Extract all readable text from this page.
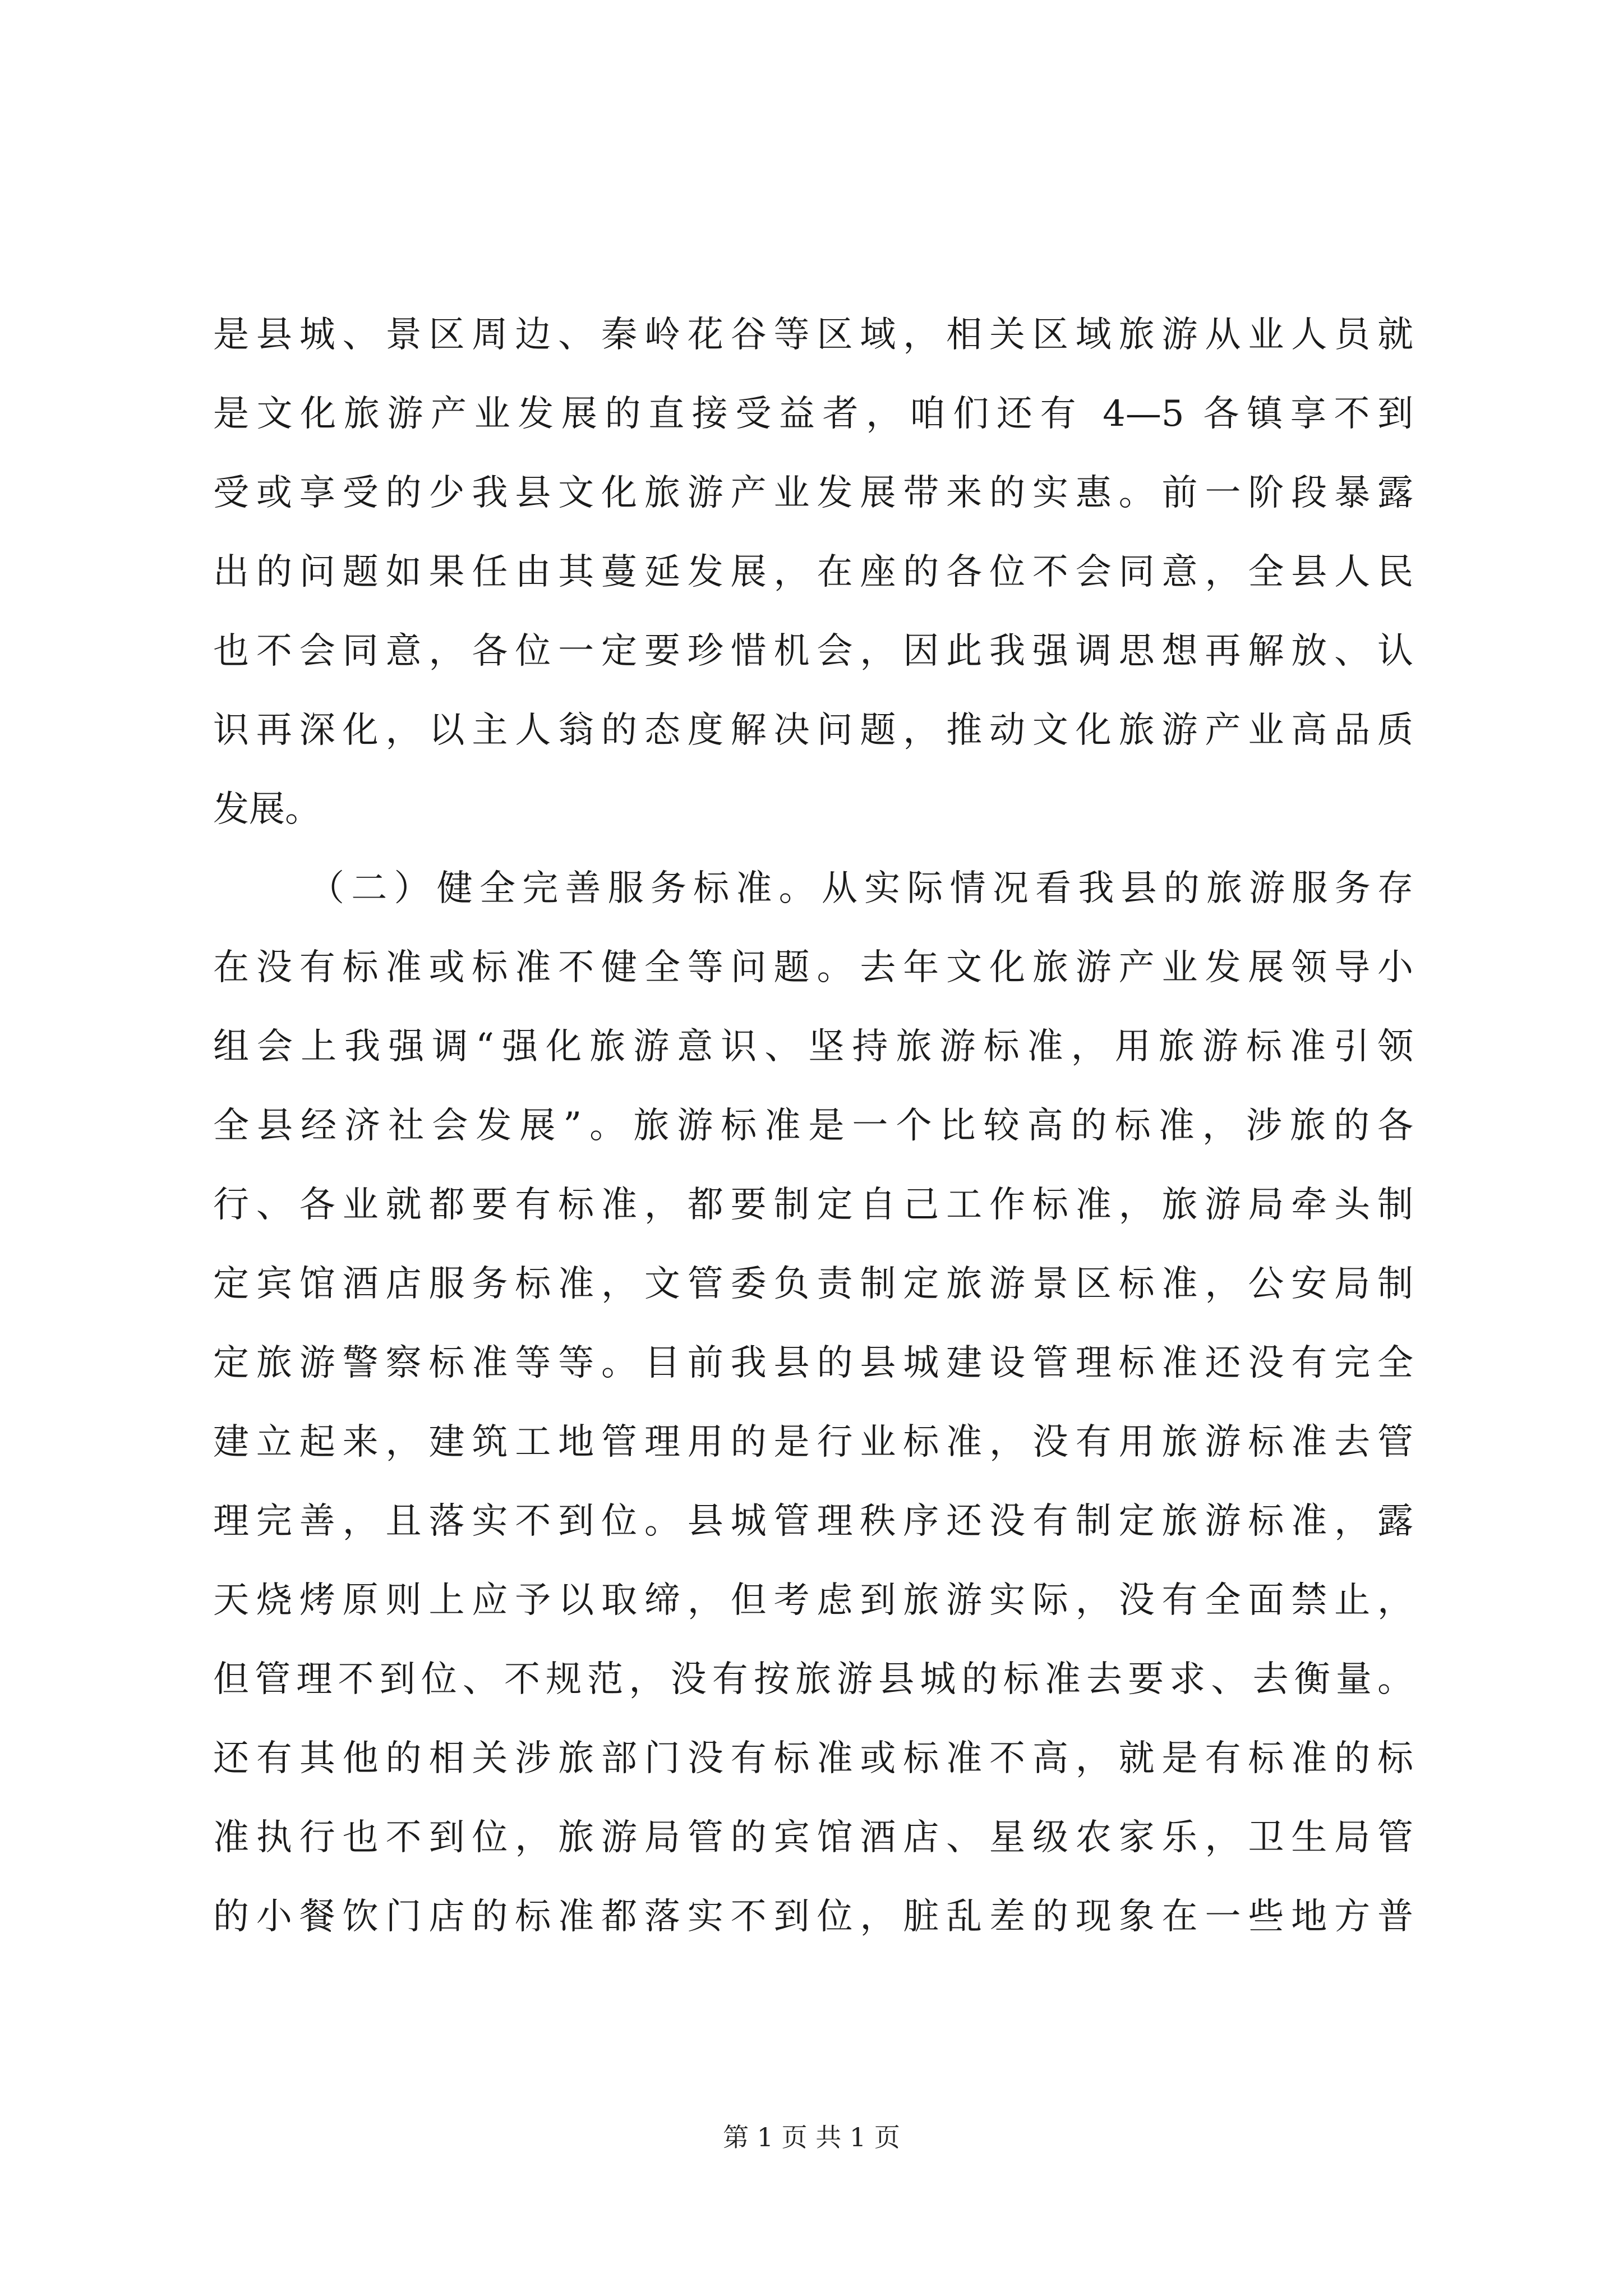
是县城、景区周边、秦岭花谷等区域，相关区域旅游从业人员就
是文化旅游产业发展的直接受益者，咱们还有 4—5 各镇享不到
受或享受的少我县文化旅游产业发展带来的实惠。前一阶段暴露
出的问题如果任由其蔓延发展，在座的各位不会同意，全县人民
也不会同意，各位一定要珍惜机会，因此我强调思想再解放、认
识再深化，以主人翁的态度解决问题，推动文化旅游产业高品质
发展。
（二）健全完善服务标准。从实际情况看我县的旅游服务存
在没有标准或标准不健全等问题。去年文化旅游产业发展领导小
组会上我强调“强化旅游意识、坚持旅游标准，用旅游标准引领
全县经济社会发展”。旅游标准是一个比较高的标准，涉旅的各
行、各业就都要有标准，都要制定自己工作标准，旅游局牵头制
定宾馆酒店服务标准，文管委负责制定旅游景区标准，公安局制
定旅游警察标准等等。目前我县的县城建设管理标准还没有完全
建立起来，建筑工地管理用的是行业标准，没有用旅游标准去管
理完善，且落实不到位。县城管理秩序还没有制定旅游标准，露
天烧烤原则上应予以取缔，但考虑到旅游实际，没有全面禁止，
但管理不到位、不规范，没有按旅游县城的标准去要求、去衡量。
还有其他的相关涉旅部门没有标准或标准不高，就是有标准的标
准执行也不到位，旅游局管的宾馆酒店、星级农家乐，卫生局管
的小餐饮门店的标准都落实不到位，脏乱差的现象在一些地方普
第 1 页 共 1 页
